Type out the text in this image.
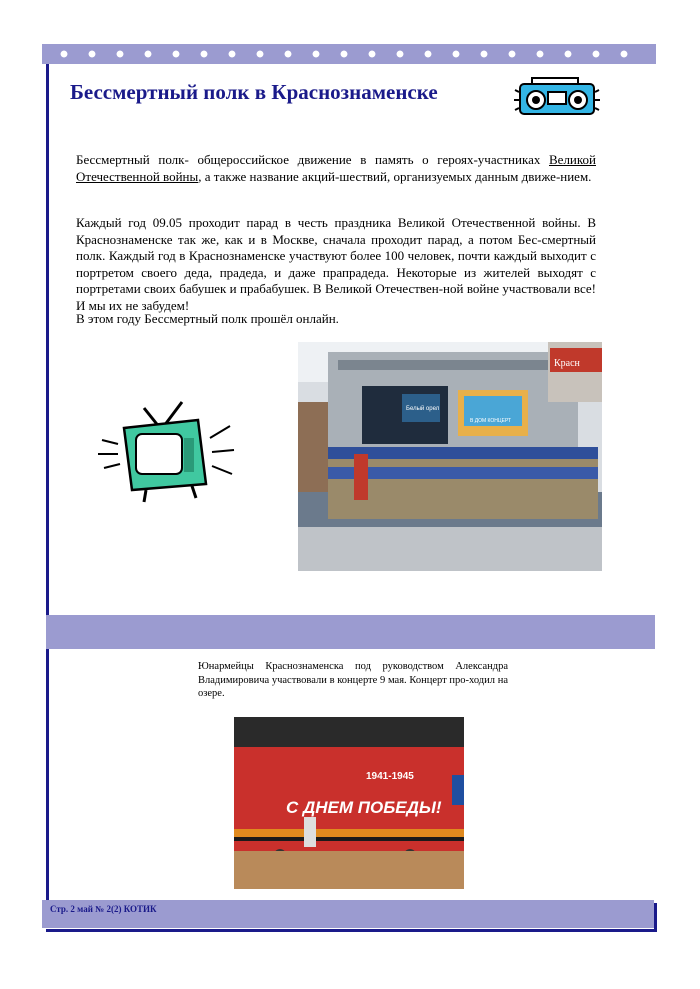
Бессмертный полк в Краснознаменске
Бессмертный полк- общероссийское движение в память о героях-участниках Великой Отечественной войны, а также название акций-шествий, организуемых данным движе-нием.
Каждый год 09.05 проходит парад в честь праздника Великой Отечественной войны. В Краснознаменске так же, как и в Москве, сначала проходит парад, а потом Бес-смертный полк. Каждый год в Краснознаменске участвуют более 100 человек, почти каждый выходит с портретом своего деда, прадеда, и даже прапрадеда. Некоторые из жителей выходят с портретами своих бабушек и прабабушек. В Великой Отечествен-ной войне участвовали все! И мы их не забудем!
В этом году Бессмертный полк прошёл онлайн.
Красн
Белый орел
В ДОМ КОНЦЕРТ
Юнармейцы Краснознаменска под руководством Александра Владимировича участвовали в концерте 9 мая. Концерт про-ходил на озере.
1941-1945
С ДНЕМ ПОБЕДЫ!
Стр. 2 май № 2(2) КОТИК
